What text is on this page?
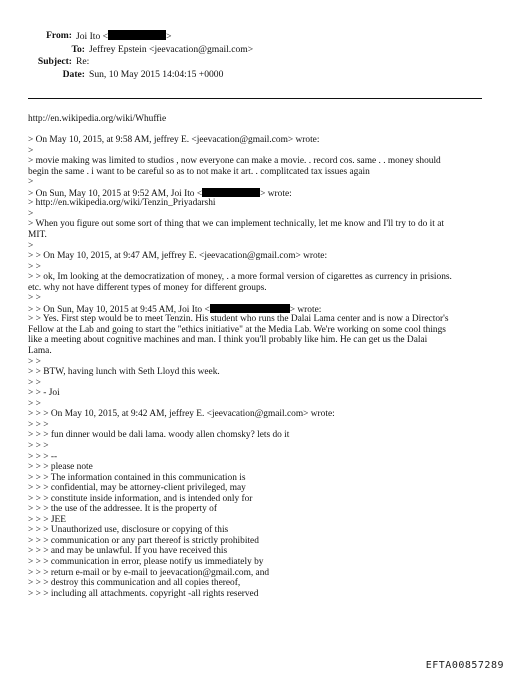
From: Joi Ito <	>
To: Jeffrey Epstein <jeevacation@gmail.com>
Subject: Re:
Date: Sun, 10 May 2015 14:04:15 +0000
http://en.wikipedia.org/wiki/Whuffie
> On May 10, 2015, at 9:58 AM, jeffrey E. <jeevacation@gmail.com> wrote:
>
> movie making was limited to studios , now everyone can make a movie. . record cos. same . . money should
begin the same . i want to be careful so as to not make it art. . complitcated tax issues again
>
> On Sun, May 10, 2015 at 9:52 AM, Joi Ito <	> wrote:
> http://en.wikipedia.org/wiki/Tenzin_Priyadarshi
>
> When you figure out some sort of thing that we can implement technically, let me know and I'll try to do it at
MIT.
>
> > On May 10, 2015, at 9:47 AM, jeffrey E. <jeevacation@gmail.com> wrote:
> >
> > ok, Im looking at the democratization of money, . a more formal version of cigarettes as currency in prisions.
etc. why not have different types of money for different groups.
> >
> > On Sun, May 10, 2015 at 9:45 AM, Joi Ito <	> wrote:
> > Yes. First step would be to meet Tenzin. His student who runs the Dalai Lama center and is now a Director's
Fellow at the Lab and going to start the "ethics initiative" at the Media Lab. We're working on some cool things
like a meeting about cognitive machines and man. I think you'll probably like him. He can get us the Dalai
Lama.
> >
> > BTW, having lunch with Seth Lloyd this week.
> >
> > - Joi
> >
> > > On May 10, 2015, at 9:42 AM, jeffrey E. <jeevacation@gmail.com> wrote:
> > >
> > > fun dinner would be dali lama. woody allen chomsky? lets do it
> > >
> > > --
> > > please note
> > > The information contained in this communication is
> > > confidential, may be attorney-client privileged, may
> > > constitute inside information, and is intended only for
> > > the use of the addressee. It is the property of
> > > JEE
> > > Unauthorized use, disclosure or copying of this
> > > communication or any part thereof is strictly prohibited
> > > and may be unlawful. If you have received this
> > > communication in error, please notify us immediately by
> > > return e-mail or by e-mail to jeevacation@gmail.com, and
> > > destroy this communication and all copies thereof,
> > > including all attachments. copyright -all rights reserved
EFTA00857289
